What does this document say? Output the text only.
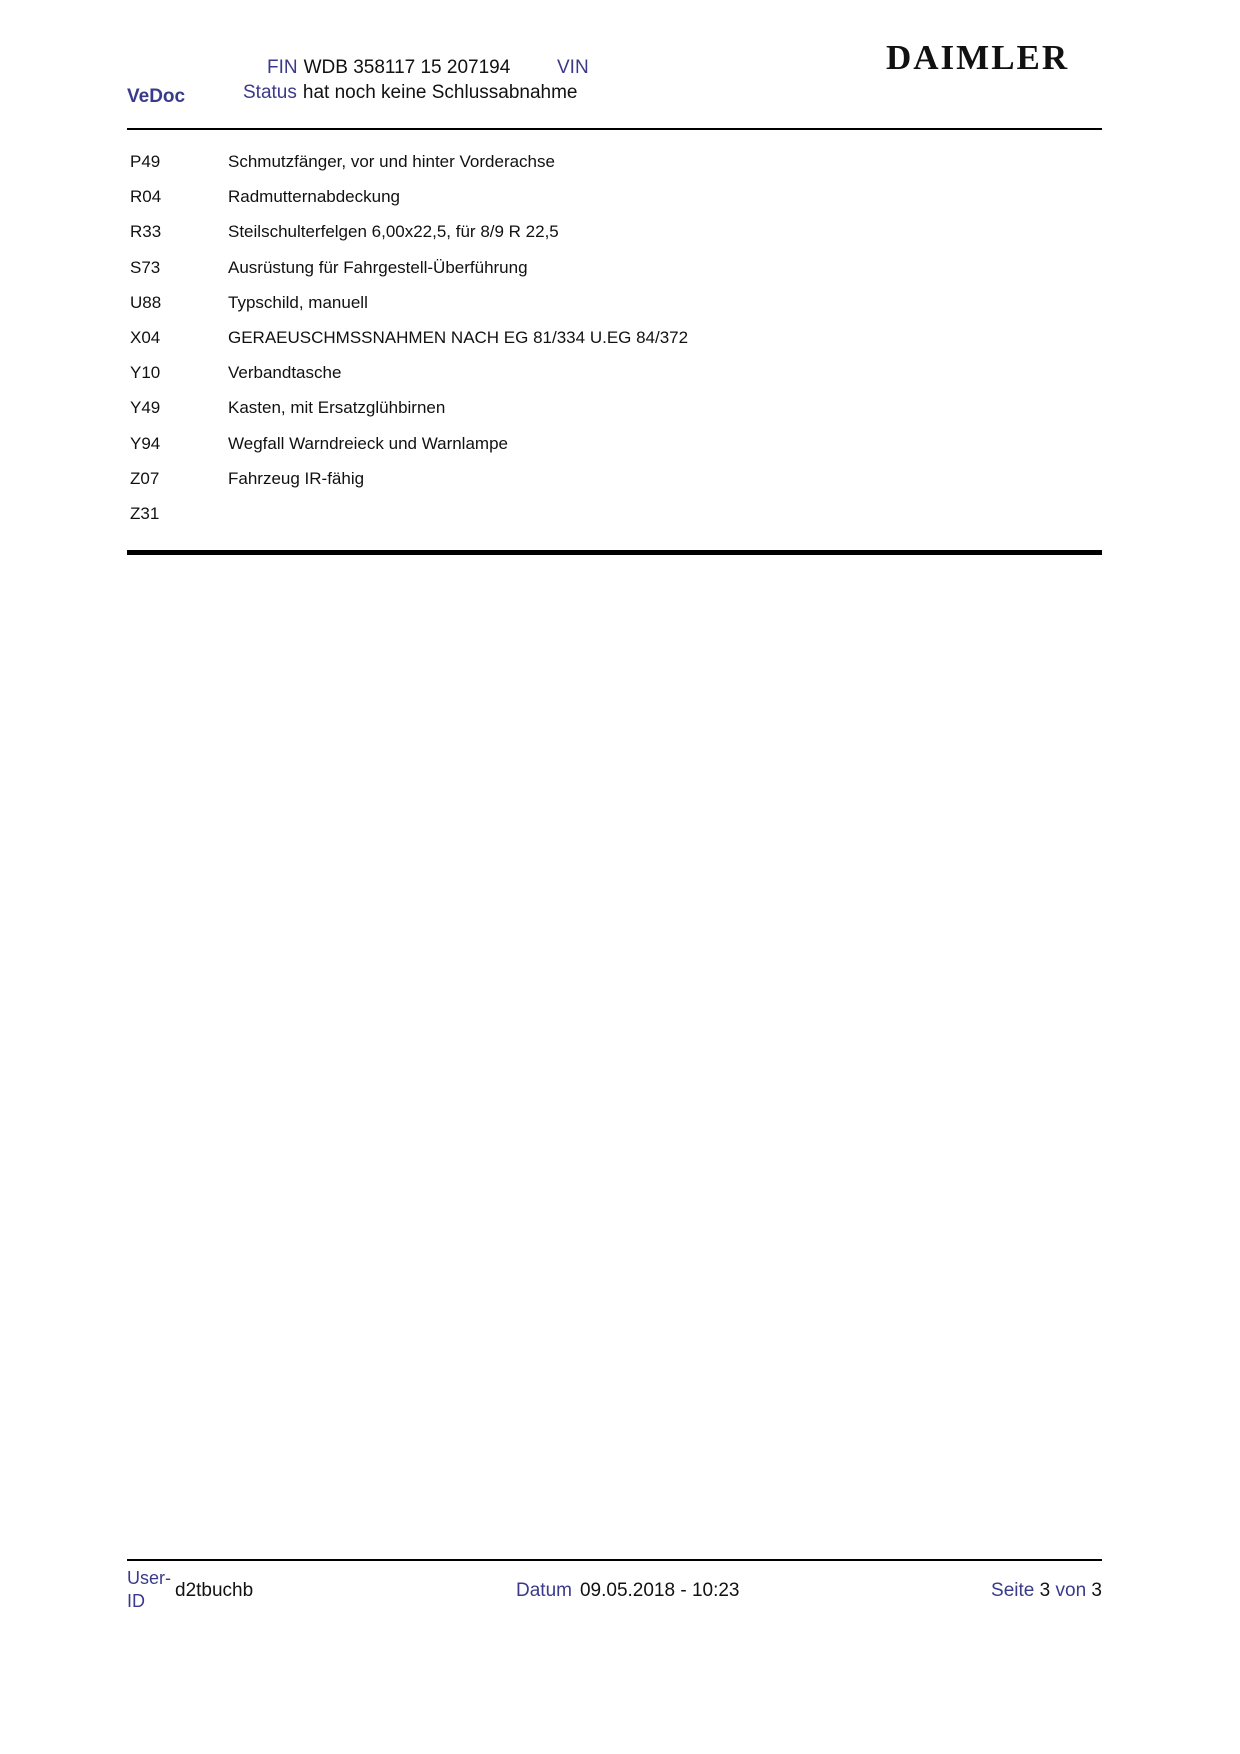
FIN WDB 358117 15 207194 VIN
Status hat noch keine Schlussabnahme
VeDoc
DAIMLER
P49	Schmutzfänger, vor und hinter Vorderachse
R04	Radmutternabdeckung
R33	Steilschulterfelgen 6,00x22,5, für 8/9 R 22,5
S73	Ausrüstung für Fahrgestell-Überführung
U88	Typschild, manuell
X04	GERAEUSCHMSSNAHMEN NACH EG 81/334 U.EG 84/372
Y10	Verbandtasche
Y49	Kasten, mit Ersatzglühbirnen
Y94	Wegfall Warndreieck und Warnlampe
Z07	Fahrzeug IR-fähig
Z31
User-ID	d2tbuchb	Datum 09.05.2018 - 10:23	Seite 3 von 3
